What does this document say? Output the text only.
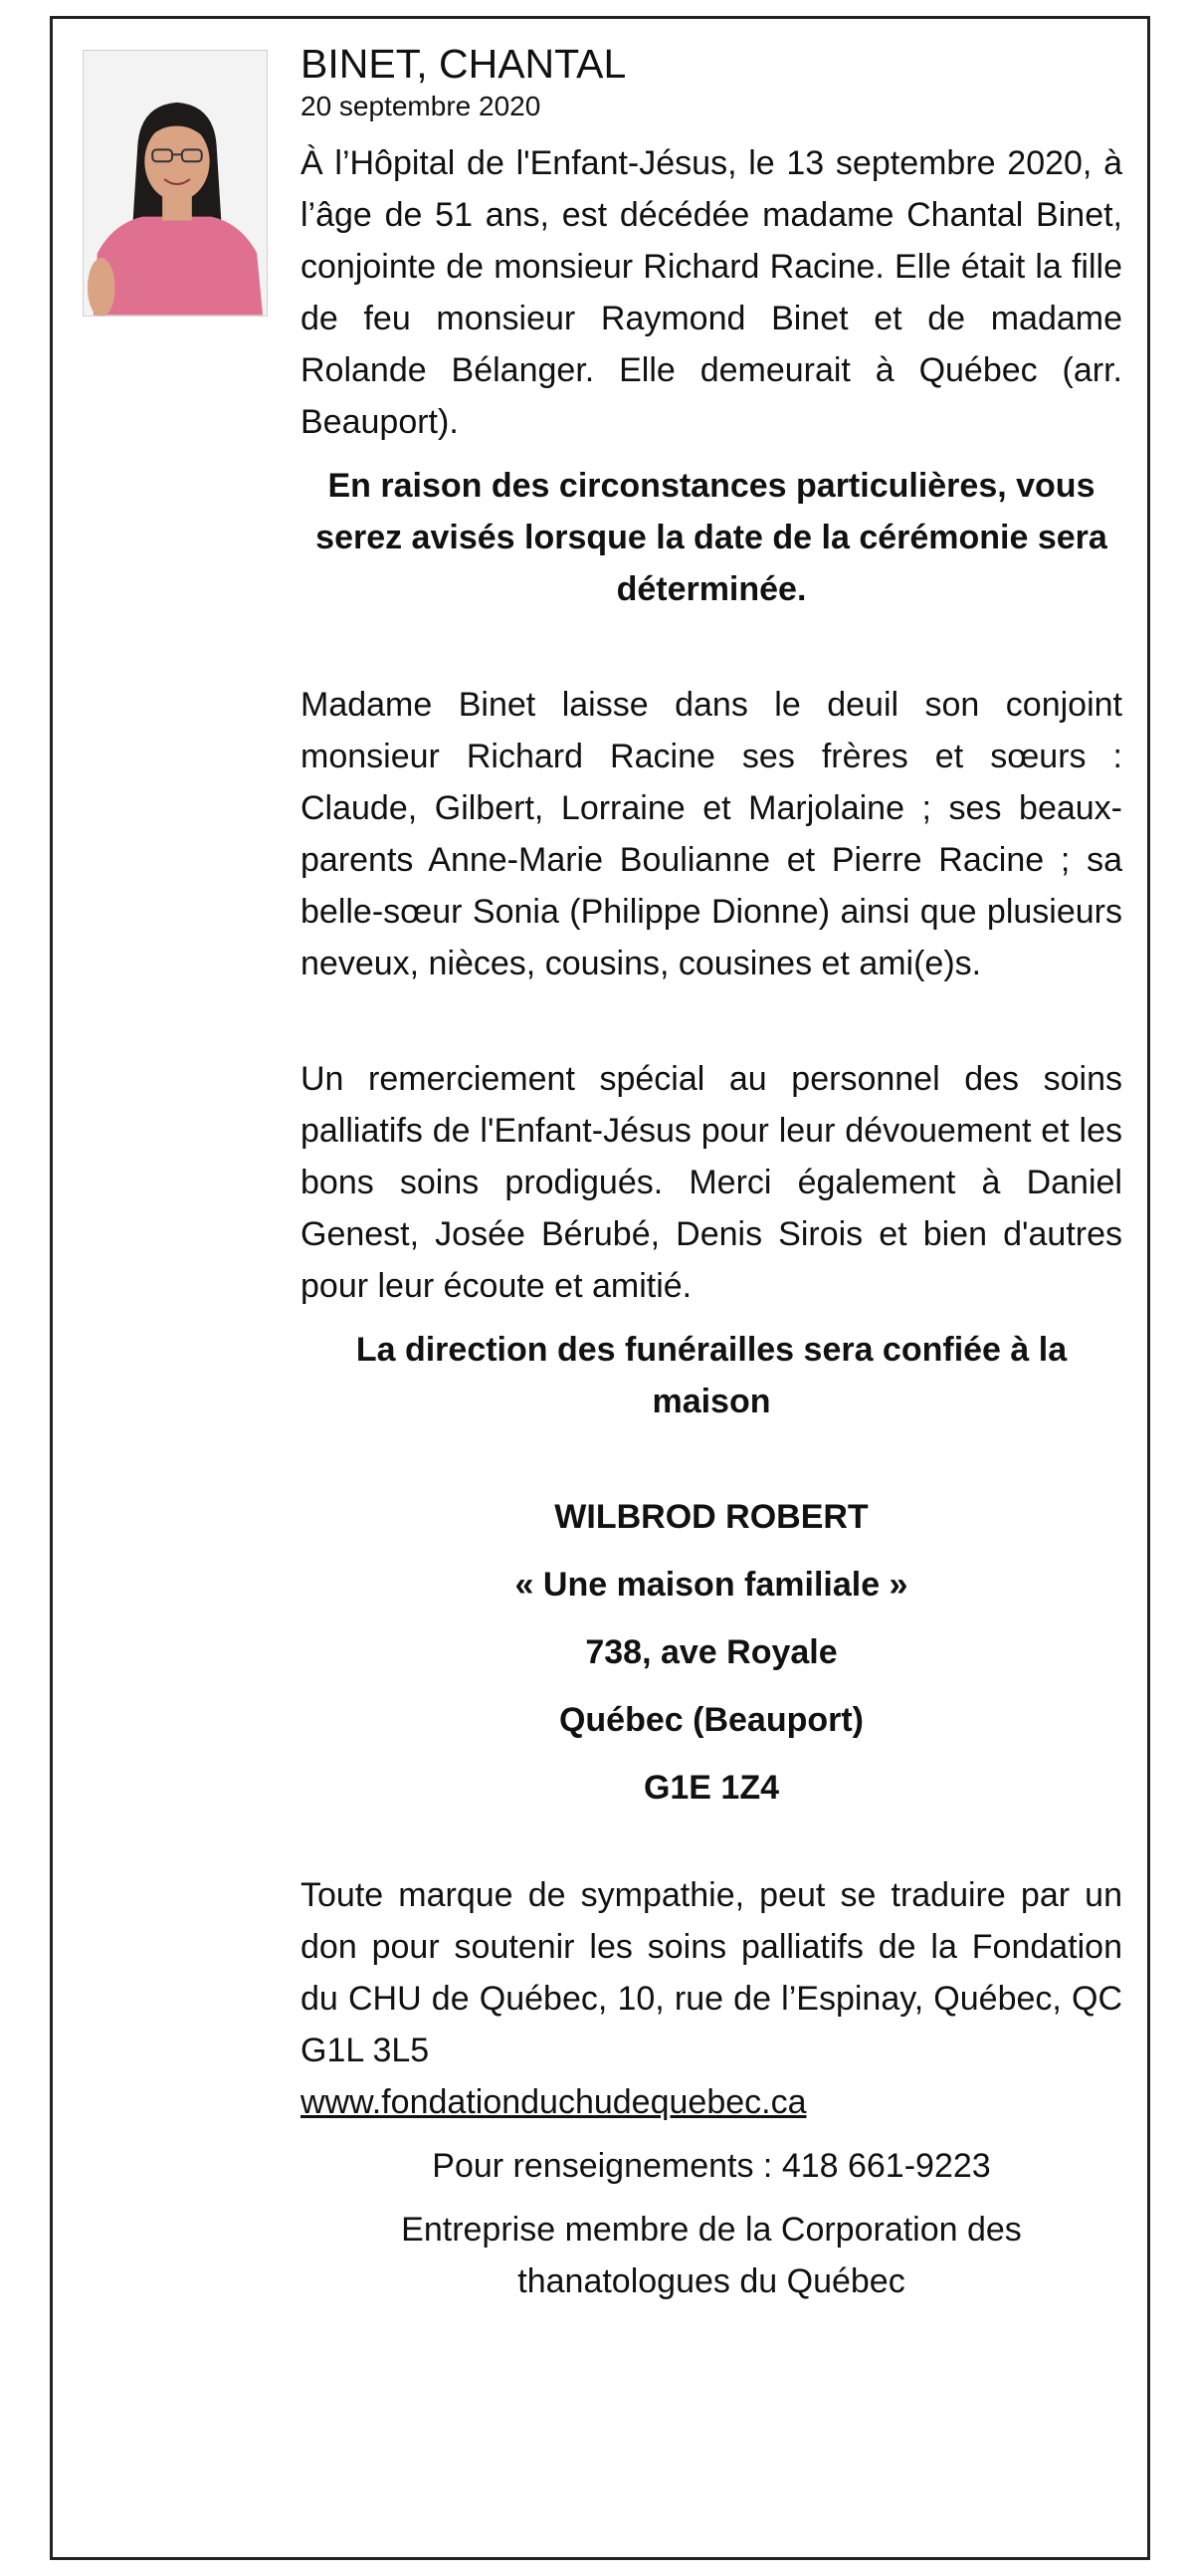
BINET, CHANTAL
20 septembre 2020

À l’Hôpital de l'Enfant-Jésus, le 13 septembre 2020, à l’âge de 51 ans, est décédée madame Chantal Binet, conjointe de monsieur Richard Racine. Elle était la fille de feu monsieur Raymond Binet et de madame Rolande Bélanger. Elle demeurait à Québec (arr. Beauport).

En raison des circonstances particulières, vous serez avisés lorsque la date de la cérémonie sera déterminée.

Madame Binet laisse dans le deuil son conjoint monsieur Richard Racine ses frères et sœurs : Claude, Gilbert, Lorraine et Marjolaine ; ses beaux-parents Anne-Marie Boulianne et Pierre Racine ; sa belle-sœur Sonia (Philippe Dionne) ainsi que plusieurs neveux, nièces, cousins, cousines et ami(e)s.

Un remerciement spécial au personnel des soins palliatifs de l'Enfant-Jésus pour leur dévouement et les bons soins prodigués. Merci également à Daniel Genest, Josée Bérubé, Denis Sirois et bien d'autres pour leur écoute et amitié.

La direction des funérailles sera confiée à la maison

WILBROD ROBERT

« Une maison familiale »

738, ave Royale

Québec (Beauport)

G1E 1Z4

Toute marque de sympathie, peut se traduire par un don pour soutenir les soins palliatifs de la Fondation du CHU de Québec, 10, rue de l’Espinay, Québec, QC G1L 3L5

www.fondationduchudequebec.ca

Pour renseignements : 418 661-9223

Entreprise membre de la Corporation des thanatologues du Québec
